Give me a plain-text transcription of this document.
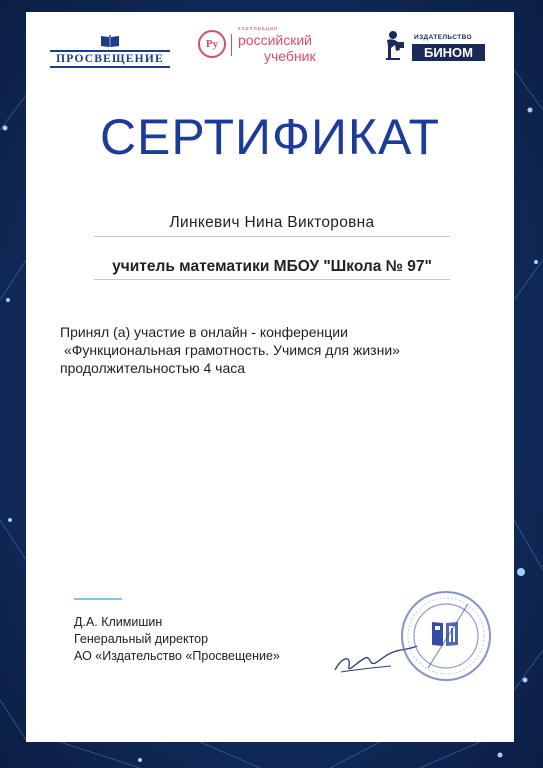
ПРОСВЕЩЕНИЕ
Ру
корпорация
российский
учебник
ИЗДАТЕЛЬСТВО
БИНОМ
СЕРТИФИКАТ
Линкевич Нина Викторовна
учитель математики МБОУ "Школа № 97"
Принял (а) участие в онлайн - конференции
«Функциональная грамотность. Учимся для жизни»
продолжительностью 4 часа
Д.А. Климишин
Генеральный директор
АО «Издательство «Просвещение»
